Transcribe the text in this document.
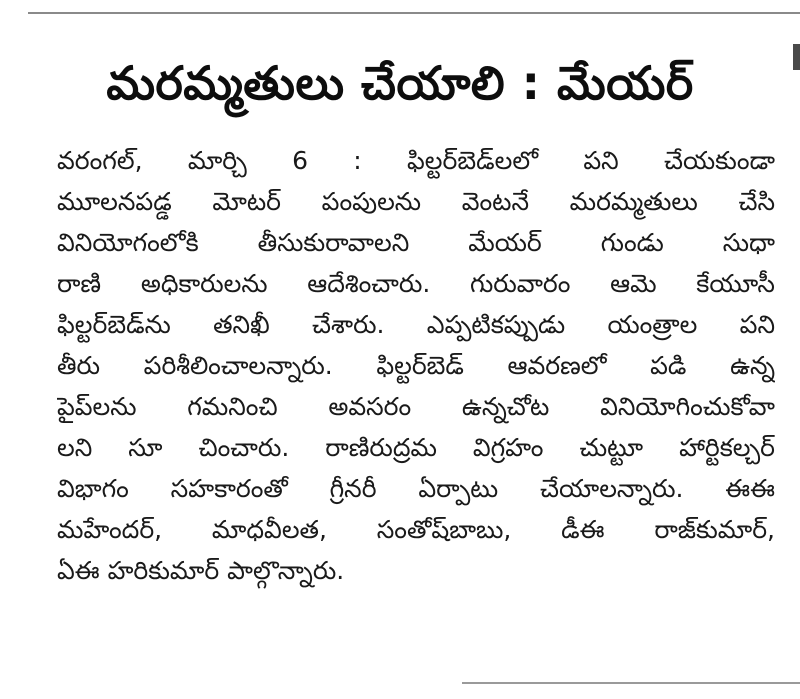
మరమ్మతులు చేయాలి : మేయర్
వరంగల్, మార్చి 6 : ఫిల్టర్‌బెడ్‌లలో పని చేయకుండా
మూలనపడ్డ మోటర్ పంపులను వెంటనే మరమ్మతులు చేసి
వినియోగంలోకి తీసుకురావాలని మేయర్ గుండు సుధా
రాణి అధికారులను ఆదేశించారు. గురువారం ఆమె కేయూసీ
ఫిల్టర్‌బెడ్‌ను తనిఖీ చేశారు. ఎప్పటికప్పుడు యంత్రాల పని
తీరు పరిశీలించాలన్నారు. ఫిల్టర్‌బెడ్ ఆవరణలో పడి ఉన్న
పైప్‌లను గమనించి అవసరం ఉన్నచోట వినియోగించుకోవా
లని సూ చించారు. రాణిరుద్రమ విగ్రహం చుట్టూ హార్టికల్చర్
విభాగం సహకారంతో గ్రీనరీ ఏర్పాటు చేయాలన్నారు. ఈఈ
మహేందర్, మాధవీలత, సంతోష్‌బాబు, డీఈ రాజ్‌కుమార్,
ఏఈ హరికుమార్ పాల్గొన్నారు.
